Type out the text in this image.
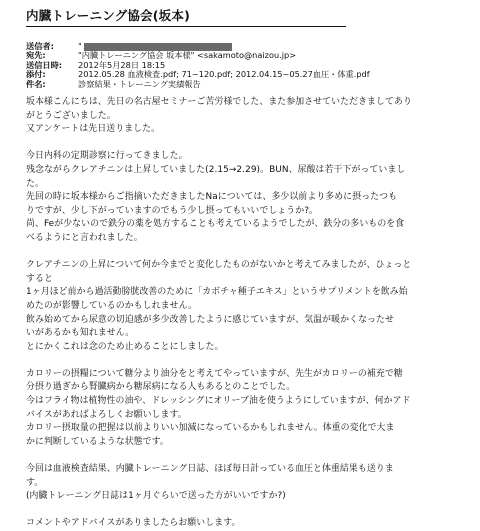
内臓トレーニング協会(坂本)
送信者:	"
宛先:	"内臓トレーニング協会 坂本様" <sakamoto@naizou.jp>
送信日時:	2012年5月28日 18:15
添付:	2012.05.28 血液検査.pdf; 71~120.pdf; 2012.04.15~05.27血圧・体重.pdf
件名:	診察結果・トレーニング実績報告
坂本様こんにちは、先日の名古屋セミナーご苦労様でした、また参加させていただきましてあり
がとうございました。
又アンケートは先日送りました。
今日内科の定期診察に行ってきました。
残念ながらクレアチニンは上昇していました(2.15→2.29)。BUN、尿酸は若干下がっていまし
た。
先回の時に坂本様からご指摘いただきましたNaについては、多少以前より多めに摂ったつも
りですが、少し下がっていますのでもう少し摂ってもいいでしょうか?。
尚、Feが少ないので鉄分の薬を処方することも考えているようでしたが、鉄分の多いものを食
べるようにと言われました。
クレアチニンの上昇について何か今までと変化したものがないかと考えてみましたが、ひょっと
すると
1ヶ月ほど前から過活動膀胱改善のために「カボチャ種子エキス」というサプリメントを飲み始
めたのが影響しているのかもしれません。
飲み始めてから尿意の切迫感が多少改善したように感じていますが、気温が暖かくなったせ
いがあるかも知れません。
とにかくこれは念のため止めることにしました。
カロリーの摂糧について糖分より油分をと考えてやっていますが、先生がカロリーの補充で糖
分摂り過ぎから腎臓病から糖尿病になる人もあるとのことでした。
今はフライ物は植物性の油や、ドレッシングにオリーブ油を使うようにしていますが、何かアド
バイスがあればよろしくお願いします。
カロリー摂取量の把握は以前よりいい加減になっているかもしれません。体重の変化で大ま
かに判断しているような状態です。
今回は血液検査結果、内臓トレーニング日誌、ほぼ毎日計っている血圧と体重結果も送りま
す。
(内臓トレーニング日誌は1ヶ月ぐらいで送った方がいいですか?)
コメントやアドバイスがありましたらお願いします。
